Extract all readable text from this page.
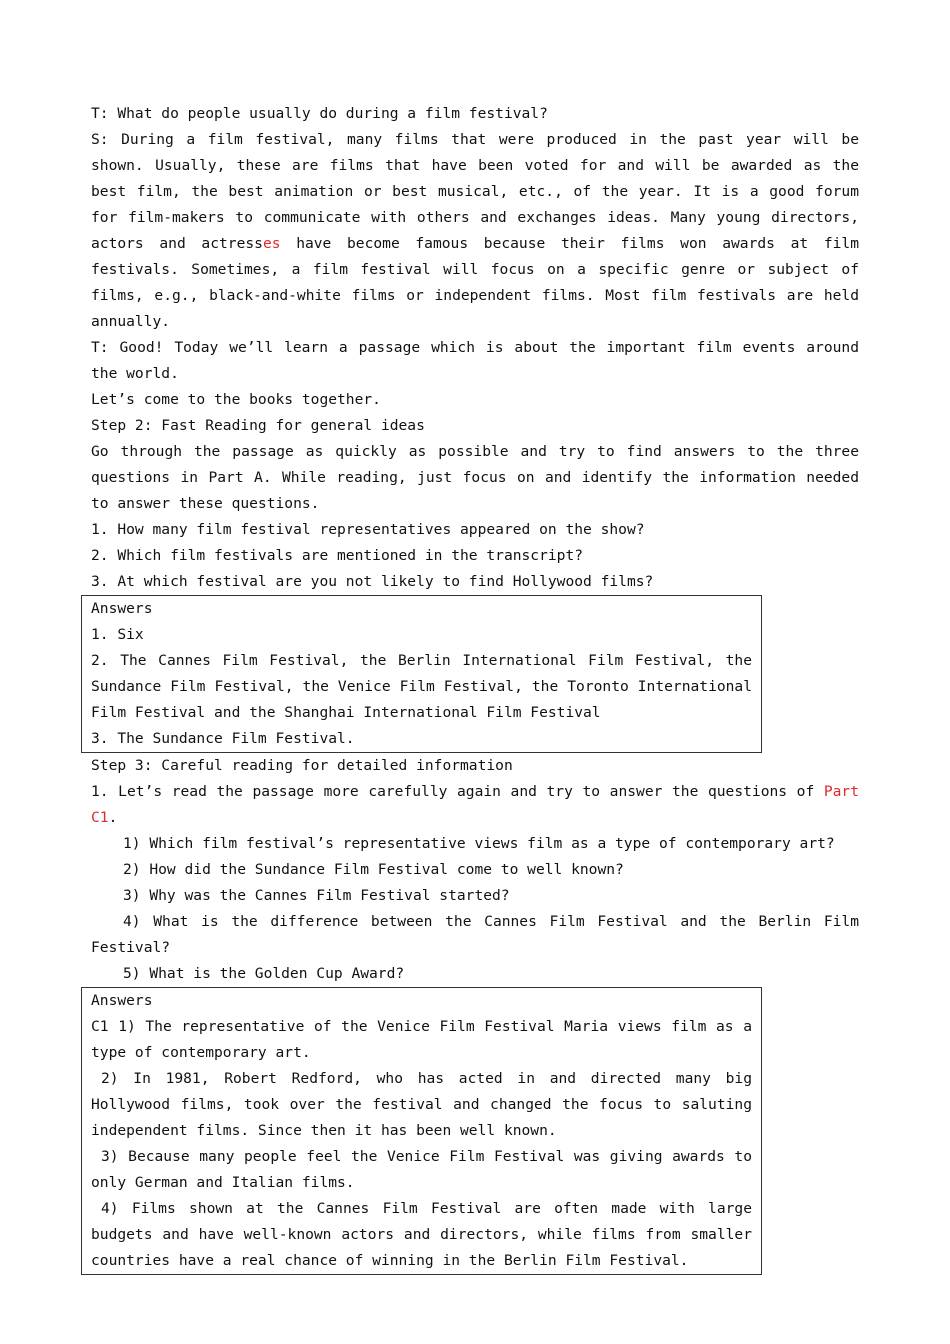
T: What do people usually do during a film festival?

S: During a film festival, many films that were produced in the past year will be shown. Usually, these are films that have been voted for and will be awarded as the best film, the best animation or best musical, etc., of the year. It is a good forum for film-makers to communicate with others and exchanges ideas. Many young directors, actors and actresses have become famous because their films won awards at film festivals. Sometimes, a film festival will focus on a specific genre or subject of films, e.g., black-and-white films or independent films. Most film festivals are held annually.

T: Good! Today we’ll learn a passage which is about the important film events around the world.

Let’s come to the books together.
Step 2: Fast Reading for general ideas

Go through the passage as quickly as possible and try to find answers to the three questions in Part A. While reading, just focus on and identify the information needed to answer these questions.

1. How many film festival representatives appeared on the show?
2. Which film festivals are mentioned in the transcript?
3. At which festival are you not likely to find Hollywood films?
Answers
1. Six

2. The Cannes Film Festival, the Berlin International Film Festival, the Sundance Film Festival, the Venice Film Festival, the Toronto International Film Festival and the Shanghai International Film Festival

3. The Sundance Film Festival.
Step 3: Careful reading for detailed information

1. Let’s read the passage more carefully again and try to answer the questions of Part C1.

1) Which film festival’s representative views film as a type of contemporary art?

2) How did the Sundance Film Festival come to well known?

3) Why was the Cannes Film Festival started?

4) What is the difference between the Cannes Film Festival and the Berlin Film Festival?

5) What is the Golden Cup Award?

Answers

C1 1) The representative of the Venice Film Festival Maria views film as a type of contemporary art.

2) In 1981, Robert Redford, who has acted in and directed many big Hollywood films, took over the festival and changed the focus to saluting independent films. Since then it has been well known.

3) Because many people feel the Venice Film Festival was giving awards to only German and Italian films.

4) Films shown at the Cannes Film Festival are often made with large budgets and have well-known actors and directors, while films from smaller countries have a real chance of winning in the Berlin Film Festival.
